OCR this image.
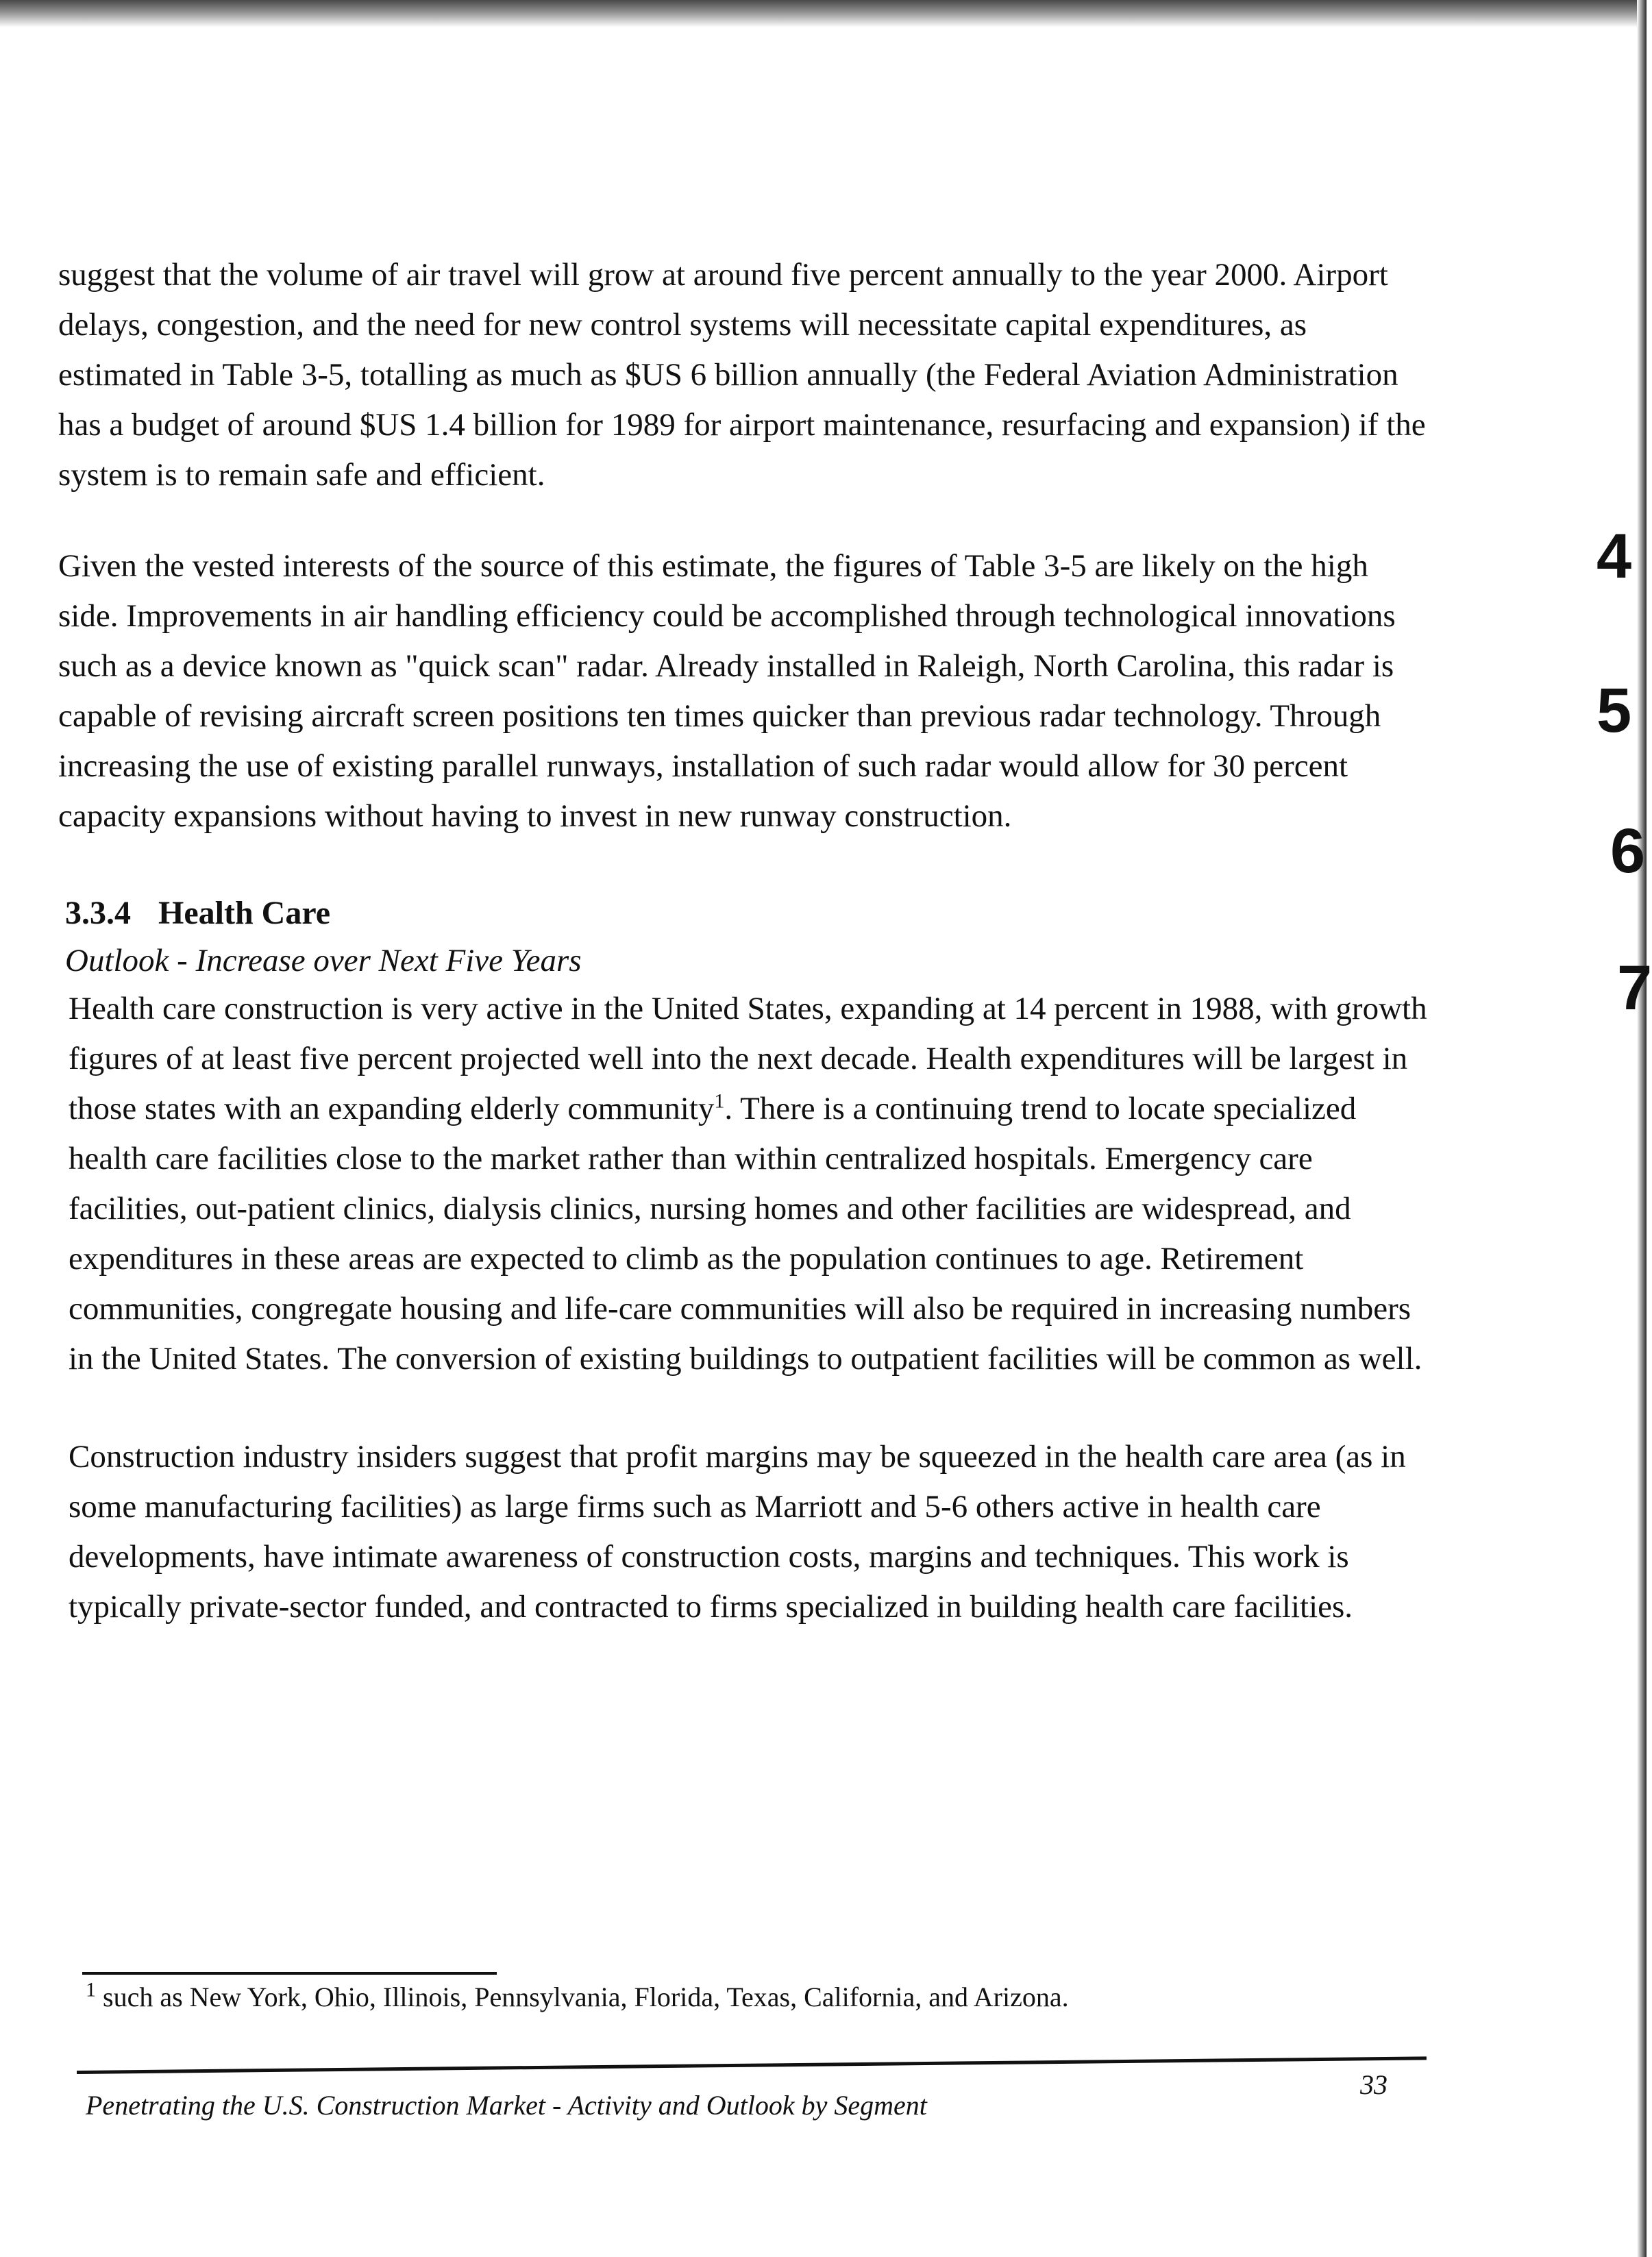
suggest that the volume of air travel will grow at around five percent annually to the year 2000. Airport delays, congestion, and the need for new control systems will necessitate capital expenditures, as estimated in Table 3-5, totalling as much as $US 6 billion annually (the Federal Aviation Administration has a budget of around $US 1.4 billion for 1989 for airport maintenance, resurfacing and expansion) if the system is to remain safe and efficient.

Given the vested interests of the source of this estimate, the figures of Table 3-5 are likely on the high side. Improvements in air handling efficiency could be accomplished through technological innovations such as a device known as "quick scan" radar. Already installed in Raleigh, North Carolina, this radar is capable of revising aircraft screen positions ten times quicker than previous radar technology. Through increasing the use of existing parallel runways, installation of such radar would allow for 30 percent capacity expansions without having to invest in new runway construction.

3.3.4 Health Care
Outlook - Increase over Next Five Years

Health care construction is very active in the United States, expanding at 14 percent in 1988, with growth figures of at least five percent projected well into the next decade. Health expenditures will be largest in those states with an expanding elderly community$^1$. There is a continuing trend to locate specialized health care facilities close to the market rather than within centralized hospitals. Emergency care facilities, out-patient clinics, dialysis clinics, nursing homes and other facilities are widespread, and expenditures in these areas are expected to climb as the population continues to age. Retirement communities, congregate housing and life-care communities will also be required in increasing numbers in the United States. The conversion of existing buildings to outpatient facilities will be common as well.

Construction industry insiders suggest that profit margins may be squeezed in the health care area (as in some manufacturing facilities) as large firms such as Marriott and 5-6 others active in health care developments, have intimate awareness of construction costs, margins and techniques. This work is typically private-sector funded, and contracted to firms specialized in building health care facilities.

4
5
6
7
$^1$ such as New York, Ohio, Illinois, Pennsylvania, Florida, Texas, California, and Arizona.
Penetrating the U.S. Construction Market - Activity and Outlook by Segment
33
